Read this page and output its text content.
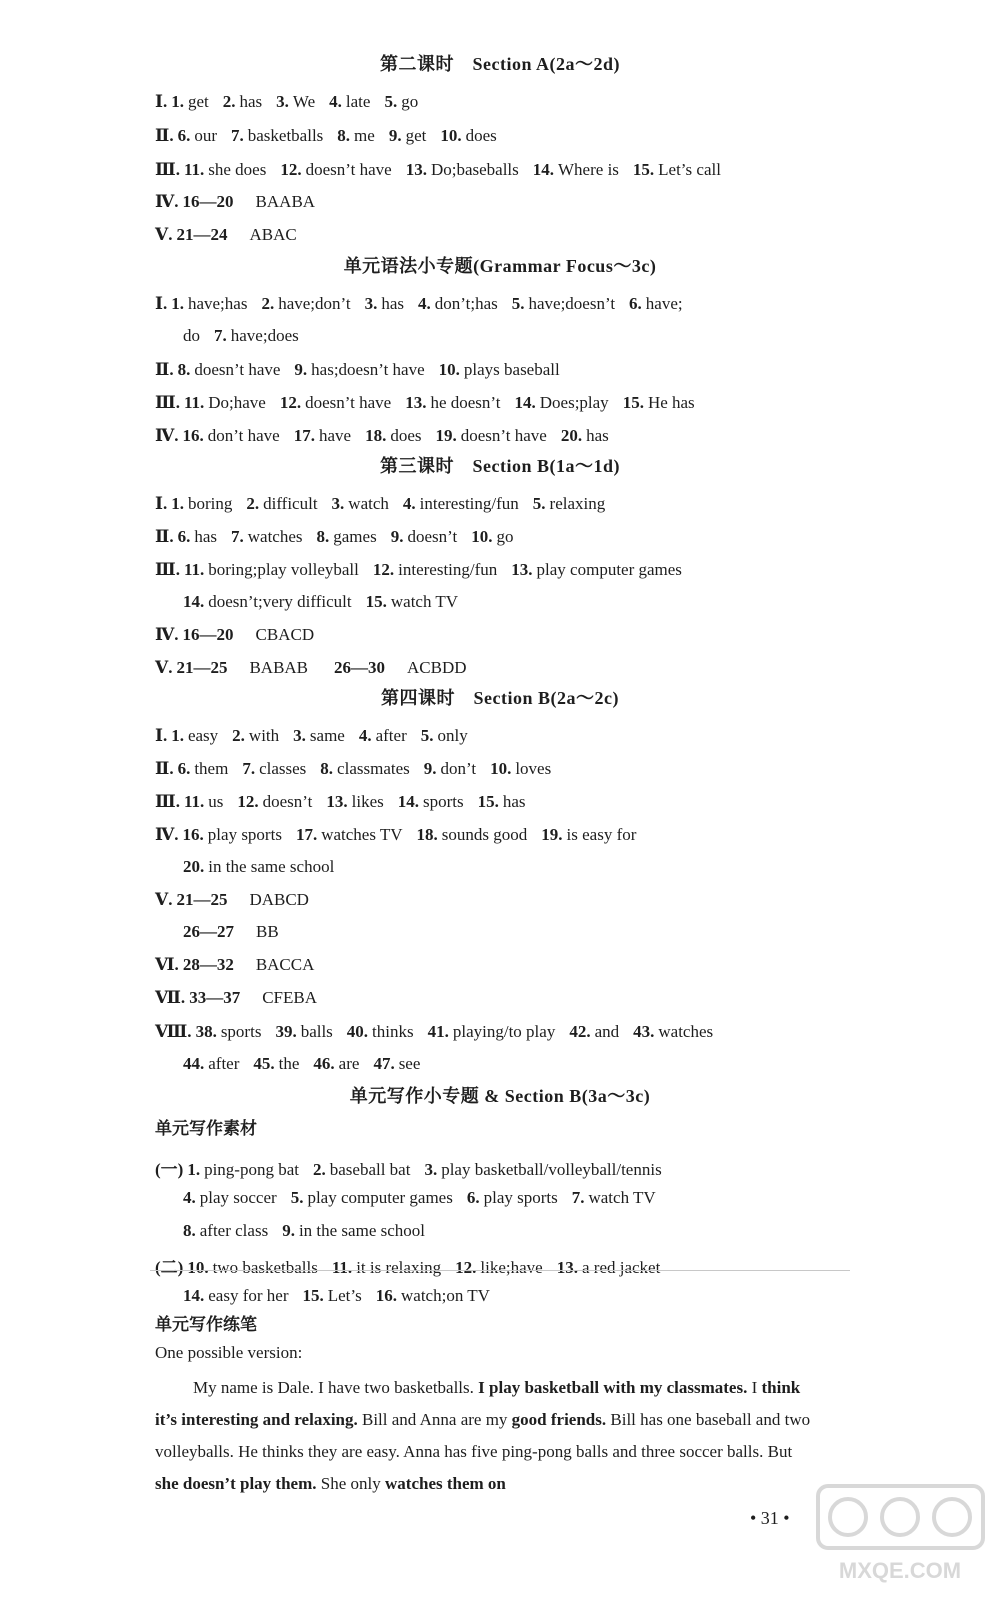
第二课时　Section A(2a～2d)
Ⅰ. 1. get 2. has 3. We 4. late 5. go
Ⅱ. 6. our 7. basketballs 8. me 9. get 10. does
Ⅲ. 11. she does 12. doesn’t have 13. Do;baseballs 14. Where is 15. Let’s call
Ⅳ. 16—20 BAABA
Ⅴ. 21—24 ABAC
单元语法小专题(Grammar Focus～3c)
Ⅰ. 1. have;has 2. have;don’t 3. has 4. don’t;has 5. have;doesn’t 6. have;
do 7. have;does
Ⅱ. 8. doesn’t have 9. has;doesn’t have 10. plays baseball
Ⅲ. 11. Do;have 12. doesn’t have 13. he doesn’t 14. Does;play 15. He has
Ⅳ. 16. don’t have 17. have 18. does 19. doesn’t have 20. has
第三课时　Section B(1a～1d)
Ⅰ. 1. boring 2. difficult 3. watch 4. interesting/fun 5. relaxing
Ⅱ. 6. has 7. watches 8. games 9. doesn’t 10. go
Ⅲ. 11. boring;play volleyball 12. interesting/fun 13. play computer games
14. doesn’t;very difficult 15. watch TV
Ⅳ. 16—20 CBACD
Ⅴ. 21—25 BABAB 26—30 ACBDD
第四课时　Section B(2a～2c)
Ⅰ. 1. easy 2. with 3. same 4. after 5. only
Ⅱ. 6. them 7. classes 8. classmates 9. don’t 10. loves
Ⅲ. 11. us 12. doesn’t 13. likes 14. sports 15. has
Ⅳ. 16. play sports 17. watches TV 18. sounds good 19. is easy for
20. in the same school
Ⅴ. 21—25 DABCD
26—27 BB
Ⅵ. 28—32 BACCA
Ⅶ. 33—37 CFEBA
Ⅷ. 38. sports 39. balls 40. thinks 41. playing/to play 42. and 43. watches
44. after 45. the 46. are 47. see
单元写作小专题 & Section B(3a～3c)
单元写作素材
(一) 1. ping-pong bat 2. baseball bat 3. play basketball/volleyball/tennis
4. play soccer 5. play computer games 6. play sports 7. watch TV
8. after class 9. in the same school
(二) 10. two basketballs 11. it is relaxing 12. like;have 13. a red jacket
14. easy for her 15. Let’s 16. watch;on TV
单元写作练笔
One possible version:
My name is Dale. I have two basketballs. I play basketball with my classmates. I think it’s interesting and relaxing. Bill and Anna are my good friends. Bill has one baseball and two volleyballs. He thinks they are easy. Anna has five ping-pong balls and three soccer balls. But she doesn’t play them. She only watches them on
• 31 •
MXQE.COM
